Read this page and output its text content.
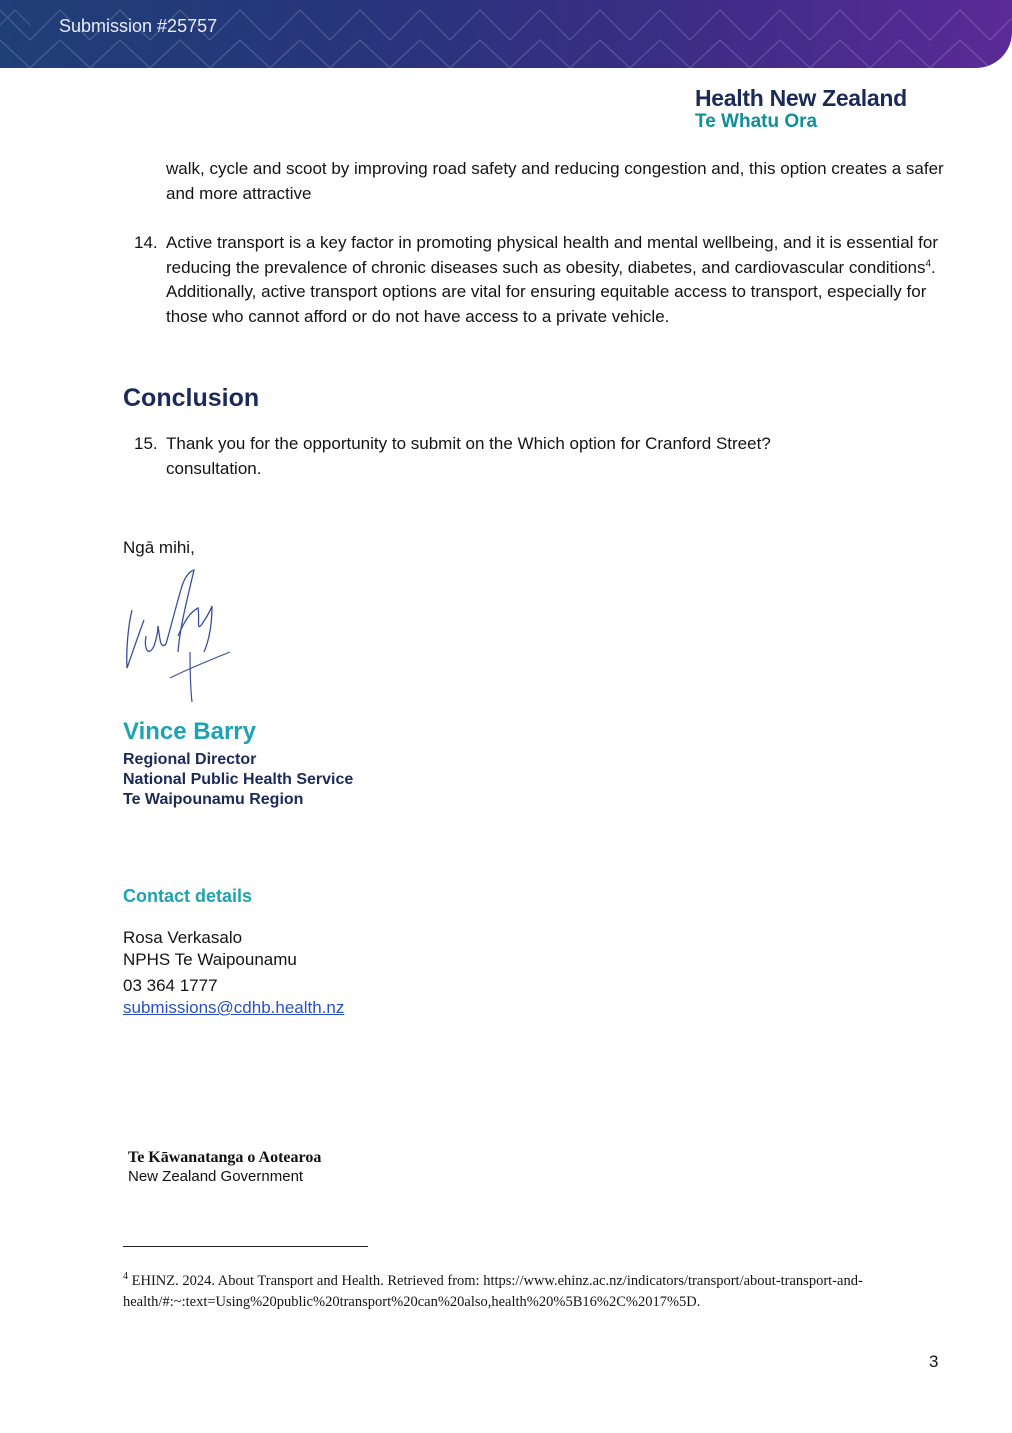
Submission #25757
Health New Zealand
Te Whatu Ora
walk, cycle and scoot by improving road safety and reducing congestion and, this option creates a safer and more attractive
14. Active transport is a key factor in promoting physical health and mental wellbeing, and it is essential for reducing the prevalence of chronic diseases such as obesity, diabetes, and cardiovascular conditions$^4$. Additionally, active transport options are vital for ensuring equitable access to transport, especially for those who cannot afford or do not have access to a private vehicle.
Conclusion
15. Thank you for the opportunity to submit on the Which option for Cranford Street? consultation.
Ngā mihi,
Vince Barry
Regional Director
National Public Health Service
Te Waipounamu Region
Contact details
Rosa Verkasalo
NPHS Te Waipounamu
03 364 1777
submissions@cdhb.health.nz
Te Kāwanatanga o Aotearoa
New Zealand Government
$^4$ EHINZ. 2024. About Transport and Health. Retrieved from: https://www.ehinz.ac.nz/indicators/transport/about-transport-and-health/#:~:text=Using%20public%20transport%20can%20also,health%20%5B16%2C%2017%5D.
3
